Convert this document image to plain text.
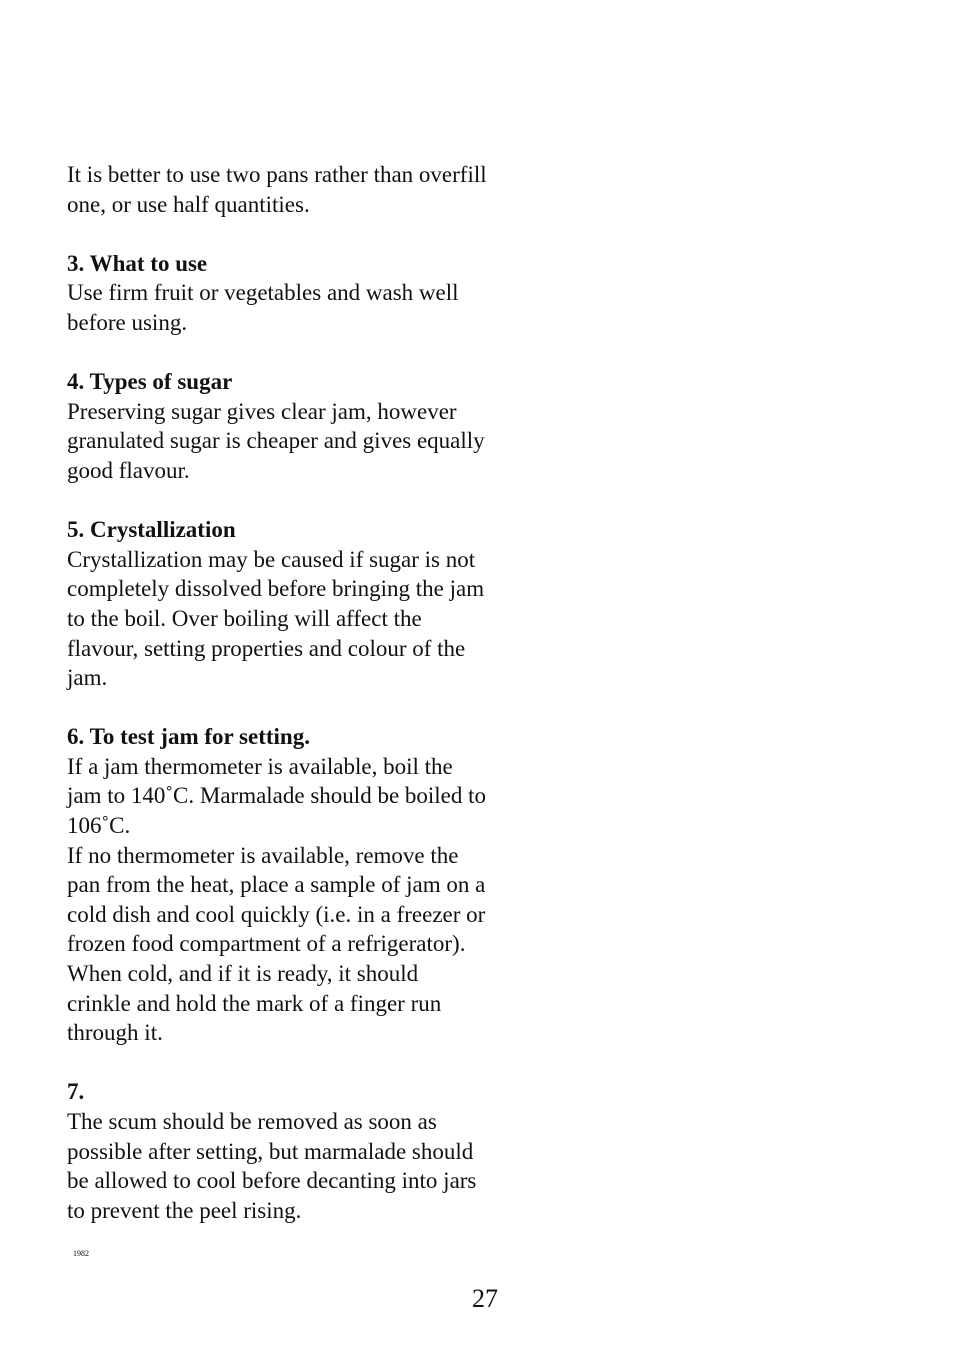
It is better to use two pans rather than overfill one, or use half quantities.

3. What to use

Use firm fruit or vegetables and wash well before using.

4. Types of sugar

Preserving sugar gives clear jam, however granulated sugar is cheaper and gives equally good flavour.

5. Crystallization

Crystallization may be caused if sugar is not completely dissolved before bringing the jam to the boil. Over boiling will affect the flavour, setting properties and colour of the jam.

6. To test jam for setting.

If a jam thermometer is available, boil the jam to 140˚C. Marmalade should be boiled to 106˚C.

If no thermometer is available, remove the pan from the heat, place a sample of jam on a cold dish and cool quickly (i.e. in a freezer or frozen food compartment of a refrigerator). When cold, and if it is ready, it should crinkle and hold the mark of a finger run through it.

7.

The scum should be removed as soon as possible after setting, but marmalade should be allowed to cool before decanting into jars to prevent the peel rising.

1982
27
